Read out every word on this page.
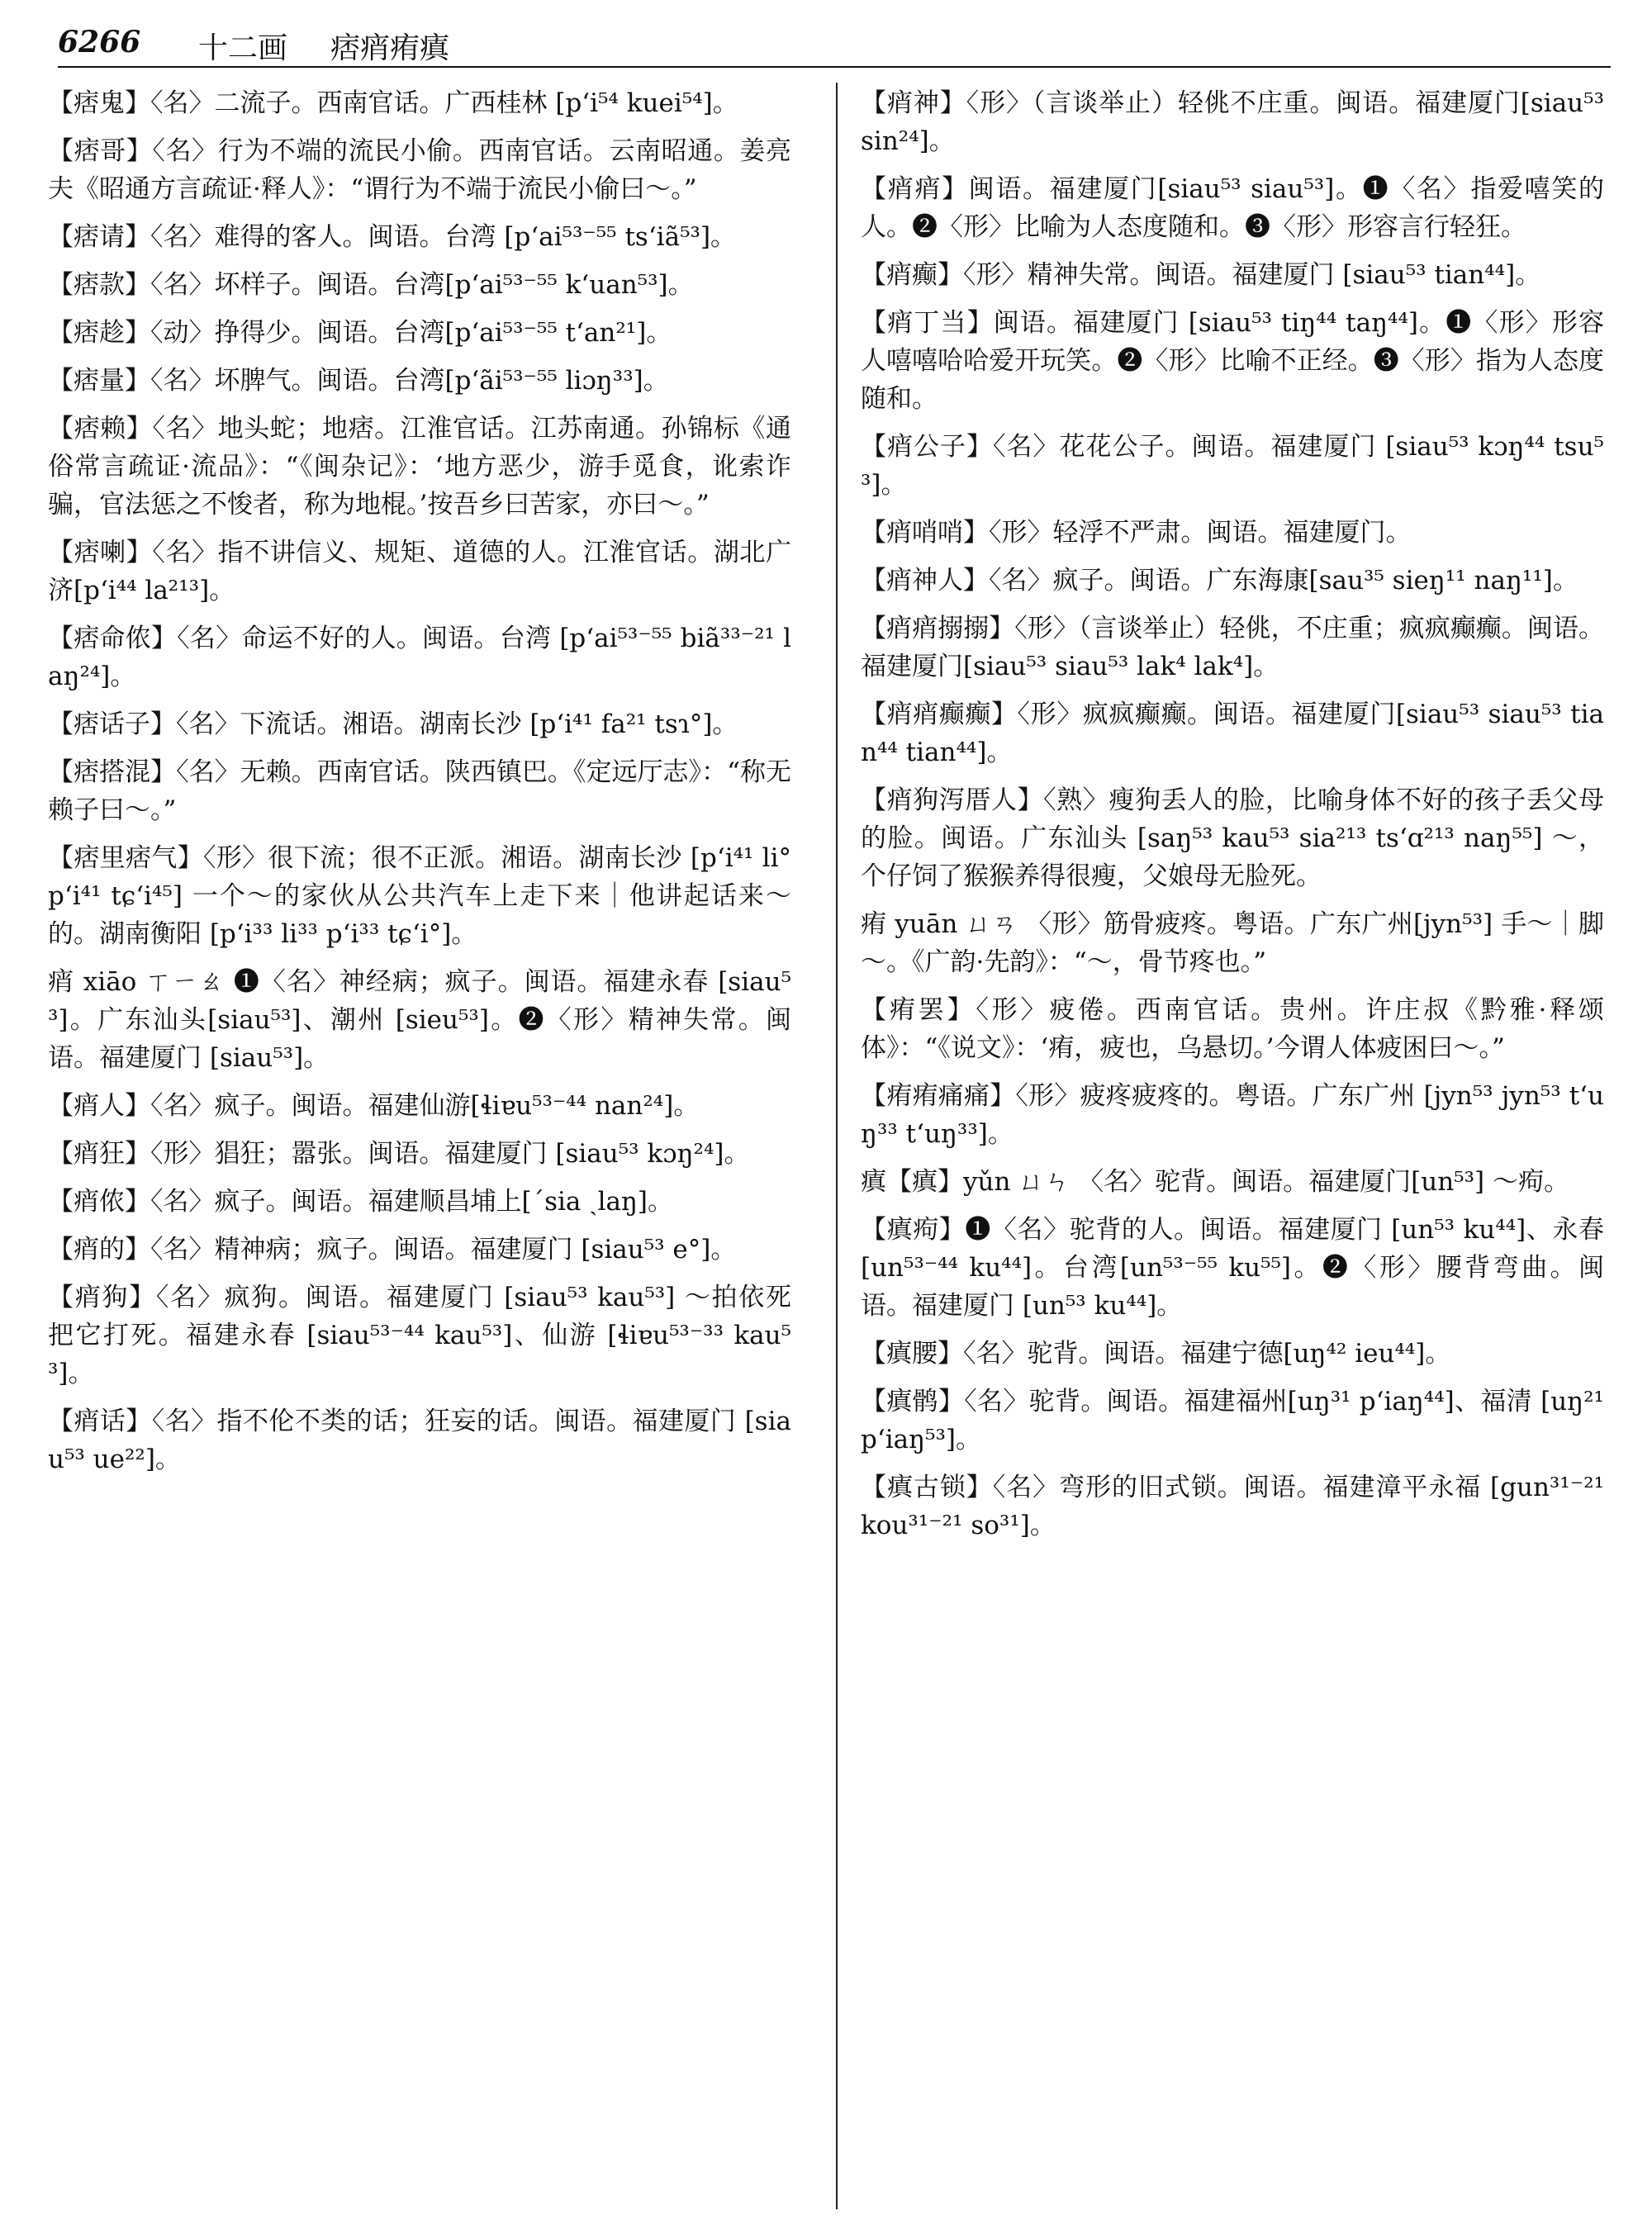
6266 十二画 痞痟痏瘨

【痞鬼】〈名〉二流子。西南官话。广西桂林 [pʻi⁵⁴ kuei⁵⁴]。

【痞哥】〈名〉行为不端的流民小偷。西南官话。云南昭通。姜亮夫《昭通方言疏证·释人》：“谓行为不端于流民小偷曰～。”

【痞请】〈名〉难得的客人。闽语。台湾 [pʻai⁵³⁻⁵⁵ tsʻiã⁵³]。

【痞款】〈名〉坏样子。闽语。台湾[pʻai⁵³⁻⁵⁵ kʻuan⁵³]。

【痞趁】〈动〉挣得少。闽语。台湾[pʻai⁵³⁻⁵⁵ tʻan²¹]。

【痞量】〈名〉坏脾气。闽语。台湾[pʻãi⁵³⁻⁵⁵ liɔŋ³³]。

【痞赖】〈名〉地头蛇；地痞。江淮官话。江苏南通。孙锦标《通俗常言疏证·流品》：“《闽杂记》：‘地方恶少，游手觅食，讹索诈骗，官法惩之不悛者，称为地棍。’按吾乡曰苦家，亦曰～。”

【痞喇】〈名〉指不讲信义、规矩、道德的人。江淮官话。湖北广济[pʻi⁴⁴ la²¹³]。

【痞命侬】〈名〉命运不好的人。闽语。台湾 [pʻai⁵³⁻⁵⁵ biã³³⁻²¹ laŋ²⁴]。

【痞话子】〈名〉下流话。湘语。湖南长沙 [pʻi⁴¹ fa²¹ tsɿ°]。

【痞搭混】〈名〉无赖。西南官话。陕西镇巴。《定远厅志》：“称无赖子曰～。”

【痞里痞气】〈形〉很下流；很不正派。湘语。湖南长沙 [pʻi⁴¹ li° pʻi⁴¹ tɕʻi⁴⁵] 一个～的家伙从公共汽车上走下来｜他讲起话来～的。湖南衡阳 [pʻi³³ li³³ pʻi³³ tɕʻi°]。

痟 xiāo ㄒㄧㄠ ❶〈名〉神经病；疯子。闽语。福建永春 [siau⁵³]。广东汕头[siau⁵³]、潮州 [sieu⁵³]。❷〈形〉精神失常。闽语。福建厦门 [siau⁵³]。

【痟人】〈名〉疯子。闽语。福建仙游[ɬiɐu⁵³⁻⁴⁴ nan²⁴]。

【痟狂】〈形〉猖狂；嚣张。闽语。福建厦门 [siau⁵³ kɔŋ²⁴]。

【痟侬】〈名〉疯子。闽语。福建顺昌埔上[ˊsia ˏlaŋ]。

【痟的】〈名〉精神病；疯子。闽语。福建厦门 [siau⁵³ e°]。

【痟狗】〈名〉疯狗。闽语。福建厦门 [siau⁵³ kau⁵³] ～拍依死 把它打死。福建永春 [siau⁵³⁻⁴⁴ kau⁵³]、仙游 [ɬiɐu⁵³⁻³³ kau⁵³]。

【痟话】〈名〉指不伦不类的话；狂妄的话。闽语。福建厦门 [siau⁵³ ue²²]。

【痟神】〈形〉（言谈举止）轻佻不庄重。闽语。福建厦门[siau⁵³ sin²⁴]。

【痟痟】闽语。福建厦门[siau⁵³ siau⁵³]。❶〈名〉指爱嘻笑的人。❷〈形〉比喻为人态度随和。❸〈形〉形容言行轻狂。

【痟癫】〈形〉精神失常。闽语。福建厦门 [siau⁵³ tian⁴⁴]。

【痟丁当】闽语。福建厦门 [siau⁵³ tiŋ⁴⁴ taŋ⁴⁴]。❶〈形〉形容人嘻嘻哈哈爱开玩笑。❷〈形〉比喻不正经。❸〈形〉指为人态度随和。

【痟公子】〈名〉花花公子。闽语。福建厦门 [siau⁵³ kɔŋ⁴⁴ tsu⁵³]。

【痟哨哨】〈形〉轻浮不严肃。闽语。福建厦门。

【痟神人】〈名〉疯子。闽语。广东海康[sau³⁵ sieŋ¹¹ naŋ¹¹]。

【痟痟搦搦】〈形〉（言谈举止）轻佻，不庄重；疯疯癫癫。闽语。福建厦门[siau⁵³ siau⁵³ lak⁴ lak⁴]。

【痟痟癫癫】〈形〉疯疯癫癫。闽语。福建厦门[siau⁵³ siau⁵³ tian⁴⁴ tian⁴⁴]。

【痟狗泻厝人】〈熟〉瘦狗丢人的脸，比喻身体不好的孩子丢父母的脸。闽语。广东汕头 [saŋ⁵³ kau⁵³ sia²¹³ tsʻɑ²¹³ naŋ⁵⁵] ～，个仔饲了猴猴养得很瘦，父娘母无脸死。

痏 yuān ㄩㄢ 〈形〉筋骨疲疼。粤语。广东广州[jyn⁵³] 手～｜脚～。《广韵·先韵》：“～，骨节疼也。”

【痏罢】〈形〉疲倦。西南官话。贵州。许庄叔《黔雅·释颂体》：“《说文》：‘痏，疲也，乌悬切。’今谓人体疲困曰～。”

【痏痏痛痛】〈形〉疲疼疲疼的。粤语。广东广州 [jyn⁵³ jyn⁵³ tʻuŋ³³ tʻuŋ³³]。

瘨【瘨】yǔn ㄩㄣ 〈名〉驼背。闽语。福建厦门[un⁵³] ～痀。

【瘨痀】❶〈名〉驼背的人。闽语。福建厦门 [un⁵³ ku⁴⁴]、永春[un⁵³⁻⁴⁴ ku⁴⁴]。台湾[un⁵³⁻⁵⁵ ku⁵⁵]。❷〈形〉腰背弯曲。闽语。福建厦门 [un⁵³ ku⁴⁴]。

【瘨腰】〈名〉驼背。闽语。福建宁德[uŋ⁴² ieu⁴⁴]。

【瘨鹘】〈名〉驼背。闽语。福建福州[uŋ³¹ pʻiaŋ⁴⁴]、福清 [uŋ²¹ pʻiaŋ⁵³]。

【瘨古锁】〈名〉弯形的旧式锁。闽语。福建漳平永福 [gun³¹⁻²¹ kou³¹⁻²¹ so³¹]。
